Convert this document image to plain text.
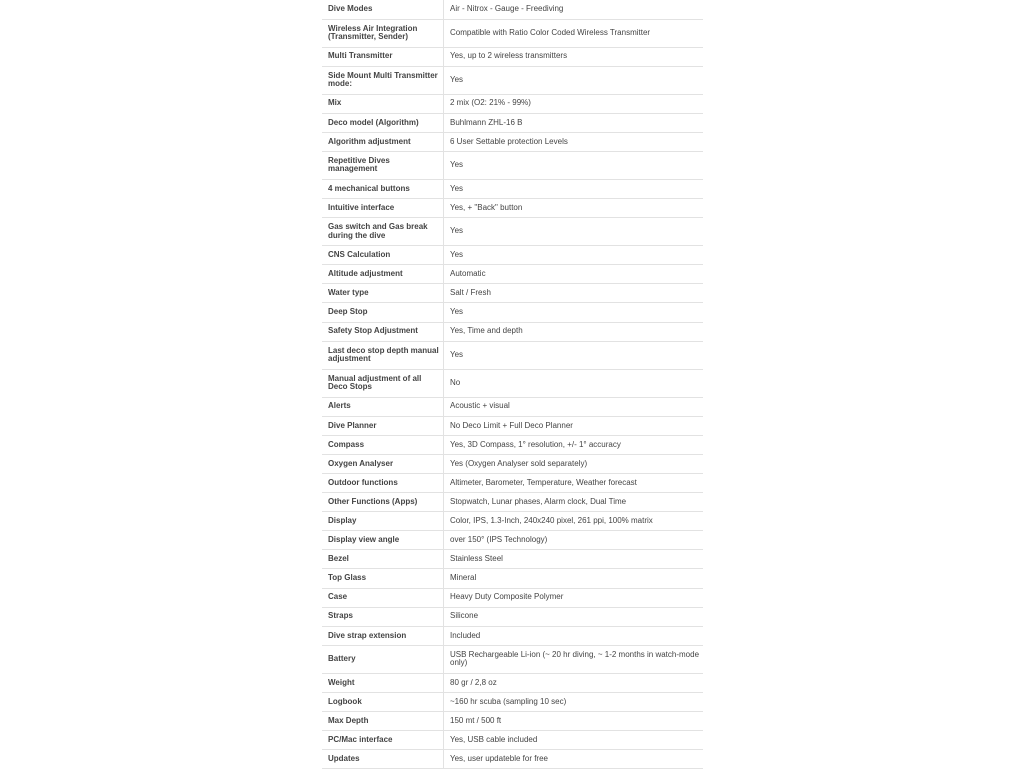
Dive Modes	Air - Nitrox - Gauge - Freediving
Wireless Air Integration (Transmitter, Sender)	Compatible with Ratio Color Coded Wireless Transmitter
Multi Transmitter	Yes, up to 2 wireless transmitters
Side Mount Multi Transmitter mode:	Yes
Mix	2 mix (O2: 21% - 99%)
Deco model (Algorithm)	Buhlmann ZHL-16 B
Algorithm adjustment	6 User Settable protection Levels
Repetitive Dives management	Yes
4 mechanical buttons	Yes
Intuitive interface	Yes, + "Back" button
Gas switch and Gas break during the dive	Yes
CNS Calculation	Yes
Altitude adjustment	Automatic
Water type	Salt / Fresh
Deep Stop	Yes
Safety Stop Adjustment	Yes, Time and depth
Last deco stop depth manual adjustment	Yes
Manual adjustment of all Deco Stops	No
Alerts	Acoustic + visual
Dive Planner	No Deco Limit + Full Deco Planner
Compass	Yes, 3D Compass, 1° resolution, +/- 1° accuracy
Oxygen Analyser	Yes (Oxygen Analyser sold separately)
Outdoor functions	Altimeter, Barometer, Temperature, Weather forecast
Other Functions (Apps)	Stopwatch, Lunar phases, Alarm clock, Dual Time
Display	Color, IPS, 1.3-Inch, 240x240 pixel, 261 ppi, 100% matrix
Display view angle	over 150° (IPS Technology)
Bezel	Stainless Steel
Top Glass	Mineral
Case	Heavy Duty Composite Polymer
Straps	Silicone
Dive strap extension	Included
Battery	USB Rechargeable Li-ion (~ 20 hr diving, ~ 1-2 months in watch-mode only)
Weight	80 gr / 2,8 oz
Logbook	~160 hr scuba (sampling 10 sec)
Max Depth	150 mt / 500 ft
PC/Mac interface	Yes, USB cable included
Updates	Yes, user updateble for free
